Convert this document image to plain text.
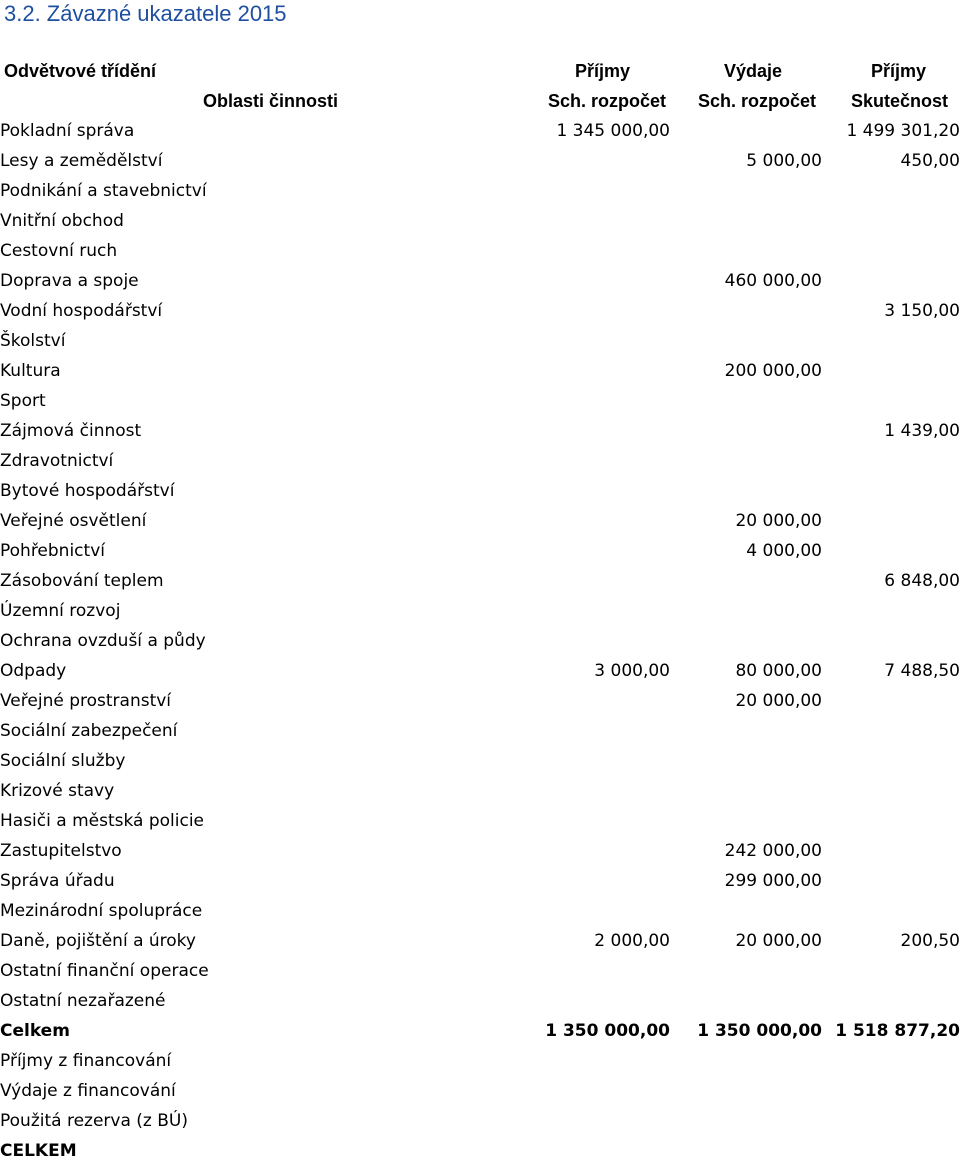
3.2. Závazné ukazatele 2015
Odvětvové třídění	Příjmy	Výdaje	Příjmy
Oblasti činnosti	Sch. rozpočet	Sch. rozpočet	Skutečnost
Pokladní správa	1 345 000,00		1 499 301,20
Lesy a zemědělství		5 000,00	450,00
Podnikání a stavebnictví			
Vnitřní obchod			
Cestovní ruch			
Doprava a spoje		460 000,00	
Vodní hospodářství			3 150,00
Školství			
Kultura		200 000,00	
Sport			
Zájmová činnost			1 439,00
Zdravotnictví			
Bytové hospodářství			
Veřejné osvětlení		20 000,00	
Pohřebnictví		4 000,00	
Zásobování teplem			6 848,00
Územní rozvoj			
Ochrana ovzduší a půdy			
Odpady	3 000,00	80 000,00	7 488,50
Veřejné prostranství		20 000,00	
Sociální zabezpečení			
Sociální služby			
Krizové stavy			
Hasiči a městská policie			
Zastupitelstvo		242 000,00	
Správa úřadu		299 000,00	
Mezinárodní spolupráce			
Daně, pojištění a úroky	2 000,00	20 000,00	200,50
Ostatní finanční operace			
Ostatní nezařazené			
Celkem	1 350 000,00	1 350 000,00	1 518 877,20
Příjmy z financování			
Výdaje z financování			
Použitá rezerva (z BÚ)			
CELKEM			
